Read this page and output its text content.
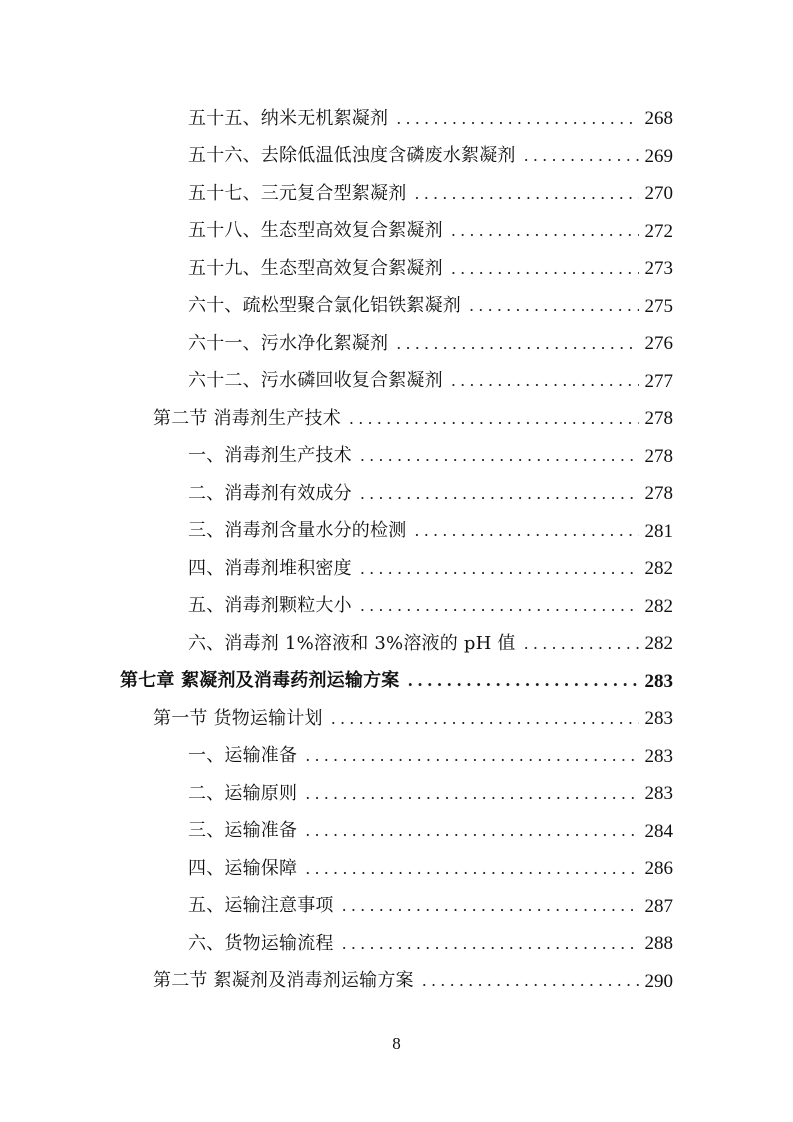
五十五、纳米无机絮凝剂 .....	268
五十六、去除低温低浊度含磷废水絮凝剂 .....	269
五十七、三元复合型絮凝剂 .....	270
五十八、生态型高效复合絮凝剂 .....	272
五十九、生态型高效复合絮凝剂 .....	273
六十、疏松型聚合氯化铝铁絮凝剂 .....	275
六十一、污水净化絮凝剂 .....	276
六十二、污水磷回收复合絮凝剂 .....	277
第二节 消毒剂生产技术 .....	278
一、消毒剂生产技术 .....	278
二、消毒剂有效成分 .....	278
三、消毒剂含量水分的检测 .....	281
四、消毒剂堆积密度 .....	282
五、消毒剂颗粒大小 .....	282
六、消毒剂 1%溶液和 3%溶液的 pH 值 .....	282
第七章 絮凝剂及消毒药剂运输方案 .....	283
第一节 货物运输计划 .....	283
一、运输准备 .....	283
二、运输原则 .....	283
三、运输准备 .....	284
四、运输保障 .....	286
五、运输注意事项 .....	287
六、货物运输流程 .....	288
第二节 絮凝剂及消毒剂运输方案 .....	290
8
